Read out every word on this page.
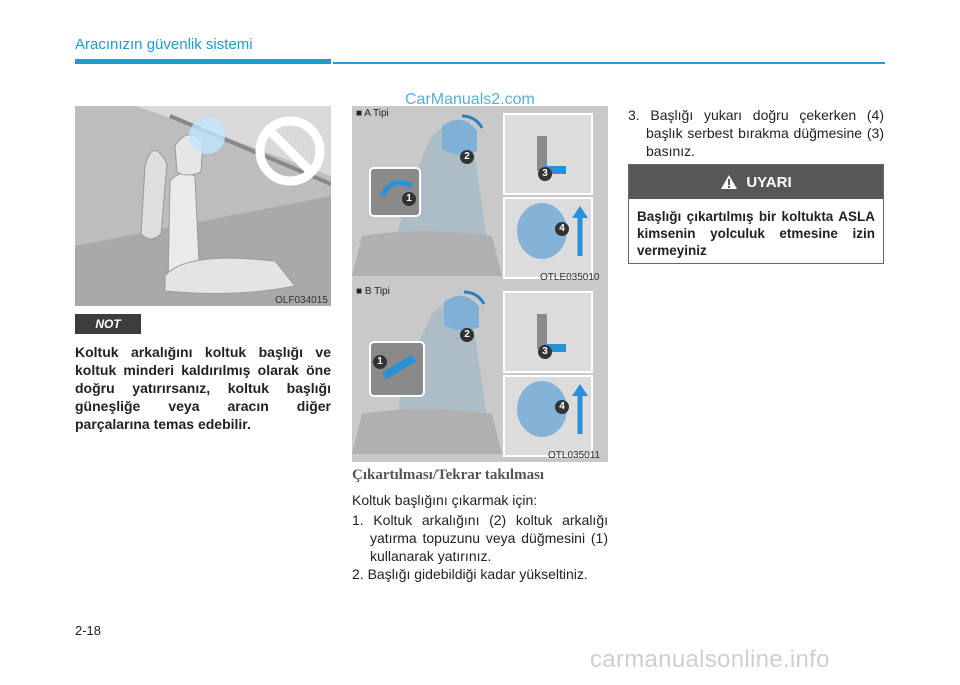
Aracınızın güvenlik sistemi
OLF034015
NOT
Koltuk arkalığını koltuk başlığı ve koltuk minderi kaldırılmış olarak öne doğru yatırırsanız, koltuk başlığı güneşliğe veya aracın diğer parçalarına temas edebilir.
■ A Tipi
1
2
3
4
OTLE035010
■ B Tipi
1
2
3
4
OTL035011
CarManuals2.com
Çıkartılması/Tekrar takılması
Koltuk başlığını çıkarmak için:
1. Koltuk arkalığını (2) koltuk arkalığı yatırma topuzunu veya düğmesini (1) kullanarak yatırınız.
2. Başlığı gidebildiği kadar yükseltiniz.
3. Başlığı yukarı doğru çekerken (4) başlık serbest bırakma düğmesine (3) basınız.
UYARI
Başlığı çıkartılmış bir koltukta ASLA kimsenin yolculuk etmesine izin vermeyiniz
2-18
carmanualsonline.info
